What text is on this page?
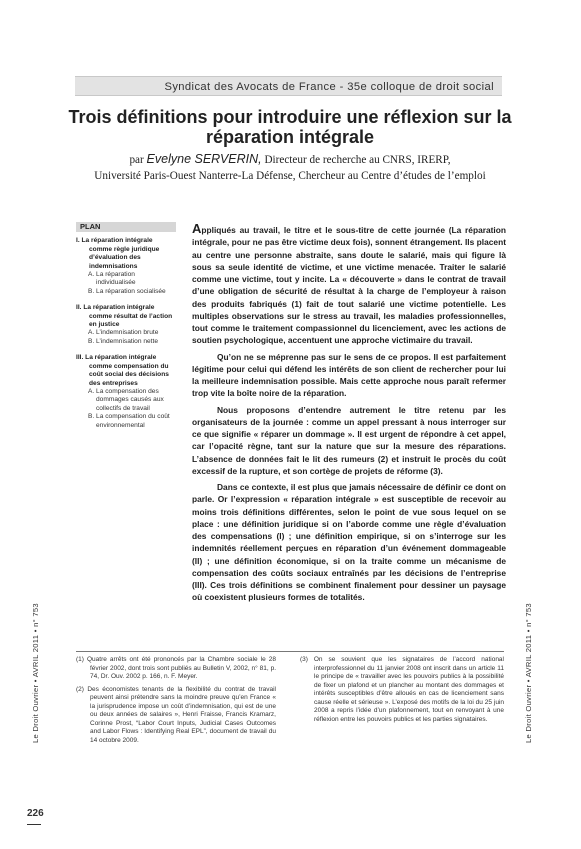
Syndicat des Avocats de France - 35e colloque de droit social
Trois définitions pour introduire une réflexion sur la réparation intégrale
par Evelyne SERVERIN, Directeur de recherche au CNRS, IRERP,
Université Paris-Ouest Nanterre-La Défense, Chercheur au Centre d’études de l’emploi
PLAN
I. La réparation intégrale comme règle juridique d’évaluation des indemnisations
A. La réparation individualisée
B. La réparation socialisée
II. La réparation intégrale comme résultat de l’action en justice
A. L’indemnisation brute
B. L’indemnisation nette
III. La réparation intégrale comme compensation du coût social des décisions des entreprises
A. La compensation des dommages causés aux collectifs de travail
B. La compensation du coût environnemental

Appliqués au travail, le titre et le sous-titre de cette journée (La réparation intégrale, pour ne pas être victime deux fois), sonnent étrangement. Ils placent au centre une personne abstraite, sans doute le salarié, mais qui figure là sous sa seule identité de victime, et une victime menacée. Traiter le salarié comme une victime, tout y incite. La « découverte » dans le contrat de travail d’une obligation de sécurité de résultat à la charge de l’employeur à raison des produits fabriqués (1) fait de tout salarié une victime potentielle. Les multiples observations sur le stress au travail, les maladies professionnelles, tout comme le traitement compassionnel du licenciement, avec les actions de soutien psychologique, accentuent une approche victimaire du travail.

Qu’on ne se méprenne pas sur le sens de ce propos. Il est parfaitement légitime pour celui qui défend les intérêts de son client de rechercher pour lui la meilleure indemnisation possible. Mais cette approche nous paraît refermer trop vite la boîte noire de la réparation.

Nous proposons d’entendre autrement le titre retenu par les organisateurs de la journée : comme un appel pressant à nous interroger sur ce que signifie « réparer un dommage ». Il est urgent de répondre à cet appel, car l’opacité règne, tant sur la nature que sur la mesure des réparations. L’absence de données fait le lit des rumeurs (2) et instruit le procès du coût excessif de la rupture, et son cortège de projets de réforme (3).

Dans ce contexte, il est plus que jamais nécessaire de définir ce dont on parle. Or l’expression « réparation intégrale » est susceptible de recevoir au moins trois définitions différentes, selon le point de vue sous lequel on se place : une définition juridique si on l’aborde comme une règle d’évaluation des compensations (I) ; une définition empirique, si on s’interroge sur les indemnités réellement perçues en réparation d’un événement dommageable (II) ; une définition économique, si on la traite comme un mécanisme de compensation des coûts sociaux entraînés par les décisions de l’entreprise (III). Ces trois définitions se combinent finalement pour dessiner un paysage où coexistent plusieurs formes de totalités.

(1) Quatre arrêts ont été prononcés par la Chambre sociale le 28 février 2002, dont trois sont publiés au Bulletin V, 2002, n° 81, p. 74, Dr. Ouv. 2002 p. 166, n. F. Meyer.
(2) Des économistes tenants de la flexibilité du contrat de travail peuvent ainsi prétendre sans la moindre preuve qu’en France « la jurisprudence impose un coût d’indemnisation, qui est de une ou deux années de salaires », Henri Fraisse, Francis Kramarz, Corinne Prost, “Labor Court Inputs, Judicial Cases Outcomes and Labor Flows : Identifying Real EPL”, document de travail du 14 octobre 2009.
(3) On se souvient que les signataires de l’accord national interprofessionnel du 11 janvier 2008 ont inscrit dans un article 11 le principe de « travailler avec les pouvoirs publics à la possibilité de fixer un plafond et un plancher au montant des dommages et intérêts susceptibles d’être alloués en cas de licenciement sans cause réelle et sérieuse ». L’exposé des motifs de la loi du 25 juin 2008 a repris l’idée d’un plafonnement, tout en renvoyant à une réflexion entre les pouvoirs publics et les parties signataires.
Le Droit Ouvrier • AVRIL 2011 • n° 753	Le Droit Ouvrier • AVRIL 2011 • n° 753
226
